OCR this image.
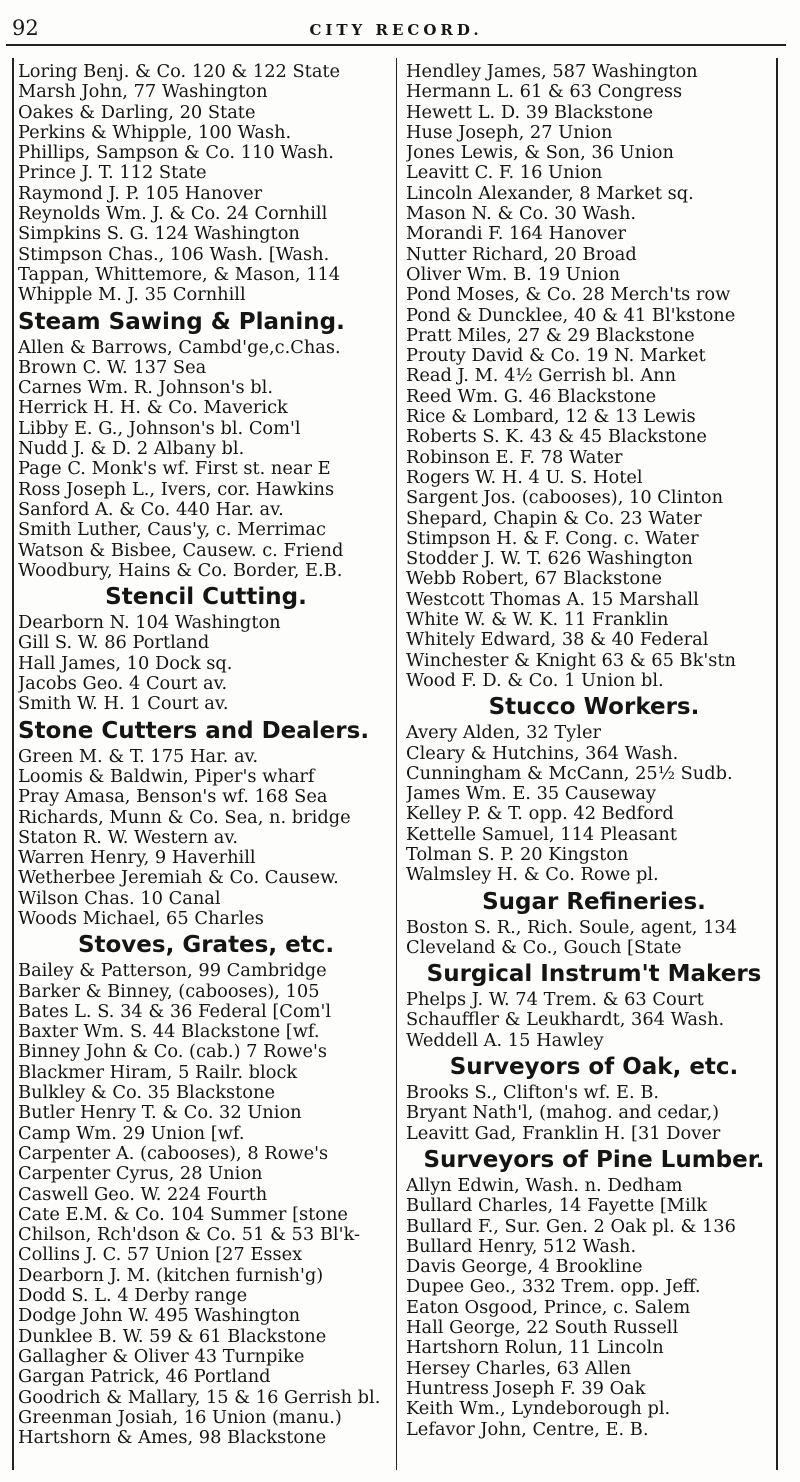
92	CITY RECORD.
Loring Benj. & Co. 120 & 122 State
Marsh John, 77 Washington
Oakes & Darling, 20 State
Perkins & Whipple, 100 Wash.
Phillips, Sampson & Co. 110 Wash.
Prince J. T. 112 State
Raymond J. P. 105 Hanover
Reynolds Wm. J. & Co. 24 Cornhill
Simpkins S. G. 124 Washington
Stimpson Chas., 106 Wash. [Wash.
Tappan, Whittemore, & Mason, 114
Whipple M. J. 35 Cornhill
Steam Sawing & Planing.
Allen & Barrows, Cambd'ge,c.Chas.
Brown C. W. 137 Sea
Carnes Wm. R. Johnson's bl.
Herrick H. H. & Co. Maverick
Libby E. G., Johnson's bl. Com'l
Nudd J. & D. 2 Albany bl.
Page C. Monk's wf. First st. near E
Ross Joseph L., Ivers, cor. Hawkins
Sanford A. & Co. 440 Har. av.
Smith Luther, Caus'y, c. Merrimac
Watson & Bisbee, Causew. c. Friend
Woodbury, Hains & Co. Border, E.B.
Stencil Cutting.
Dearborn N. 104 Washington
Gill S. W. 86 Portland
Hall James, 10 Dock sq.
Jacobs Geo. 4 Court av.
Smith W. H. 1 Court av.
Stone Cutters and Dealers.
Green M. & T. 175 Har. av.
Loomis & Baldwin, Piper's wharf
Pray Amasa, Benson's wf. 168 Sea
Richards, Munn & Co. Sea, n. bridge
Staton R. W. Western av.
Warren Henry, 9 Haverhill
Wetherbee Jeremiah & Co. Causew.
Wilson Chas. 10 Canal
Woods Michael, 65 Charles
Stoves, Grates, etc.
Bailey & Patterson, 99 Cambridge
Barker & Binney, (cabooses), 105
Bates L. S. 34 & 36 Federal [Com'l
Baxter Wm. S. 44 Blackstone [wf.
Binney John & Co. (cab.) 7 Rowe's
Blackmer Hiram, 5 Railr. block
Bulkley & Co. 35 Blackstone
Butler Henry T. & Co. 32 Union
Camp Wm. 29 Union [wf.
Carpenter A. (cabooses), 8 Rowe's
Carpenter Cyrus, 28 Union
Caswell Geo. W. 224 Fourth
Cate E.M. & Co. 104 Summer [stone
Chilson, Rch'dson & Co. 51 & 53 Bl'k-
Collins J. C. 57 Union [27 Essex
Dearborn J. M. (kitchen furnish'g)
Dodd S. L. 4 Derby range
Dodge John W. 495 Washington
Dunklee B. W. 59 & 61 Blackstone
Gallagher & Oliver 43 Turnpike
Gargan Patrick, 46 Portland
Goodrich & Mallary, 15 & 16 Gerrish bl.
Greenman Josiah, 16 Union (manu.)
Hartshorn & Ames, 98 Blackstone
Hendley James, 587 Washington
Hermann L. 61 & 63 Congress
Hewett L. D. 39 Blackstone
Huse Joseph, 27 Union
Jones Lewis, & Son, 36 Union
Leavitt C. F. 16 Union
Lincoln Alexander, 8 Market sq.
Mason N. & Co. 30 Wash.
Morandi F. 164 Hanover
Nutter Richard, 20 Broad
Oliver Wm. B. 19 Union
Pond Moses, & Co. 28 Merch'ts row
Pond & Duncklee, 40 & 41 Bl'kstone
Pratt Miles, 27 & 29 Blackstone
Prouty David & Co. 19 N. Market
Read J. M. 4½ Gerrish bl. Ann
Reed Wm. G. 46 Blackstone
Rice & Lombard, 12 & 13 Lewis
Roberts S. K. 43 & 45 Blackstone
Robinson E. F. 78 Water
Rogers W. H. 4 U. S. Hotel
Sargent Jos. (cabooses), 10 Clinton
Shepard, Chapin & Co. 23 Water
Stimpson H. & F. Cong. c. Water
Stodder J. W. T. 626 Washington
Webb Robert, 67 Blackstone
Westcott Thomas A. 15 Marshall
White W. & W. K. 11 Franklin
Whitely Edward, 38 & 40 Federal
Winchester & Knight 63 & 65 Bk'stn
Wood F. D. & Co. 1 Union bl.
Stucco Workers.
Avery Alden, 32 Tyler
Cleary & Hutchins, 364 Wash.
Cunningham & McCann, 25½ Sudb.
James Wm. E. 35 Causeway
Kelley P. & T. opp. 42 Bedford
Kettelle Samuel, 114 Pleasant
Tolman S. P. 20 Kingston
Walmsley H. & Co. Rowe pl.
Sugar Refineries.
Boston S. R., Rich. Soule, agent, 134
Cleveland & Co., Gouch [State
Surgical Instrum't Makers
Phelps J. W. 74 Trem. & 63 Court
Schauffler & Leukhardt, 364 Wash.
Weddell A. 15 Hawley
Surveyors of Oak, etc.
Brooks S., Clifton's wf. E. B.
Bryant Nath'l, (mahog. and cedar,)
Leavitt Gad, Franklin H. [31 Dover
Surveyors of Pine Lumber.
Allyn Edwin, Wash. n. Dedham
Bullard Charles, 14 Fayette [Milk
Bullard F., Sur. Gen. 2 Oak pl. & 136
Bullard Henry, 512 Wash.
Davis George, 4 Brookline
Dupee Geo., 332 Trem. opp. Jeff.
Eaton Osgood, Prince, c. Salem
Hall George, 22 South Russell
Hartshorn Rolun, 11 Lincoln
Hersey Charles, 63 Allen
Huntress Joseph F. 39 Oak
Keith Wm., Lyndeborough pl.
Lefavor John, Centre, E. B.
